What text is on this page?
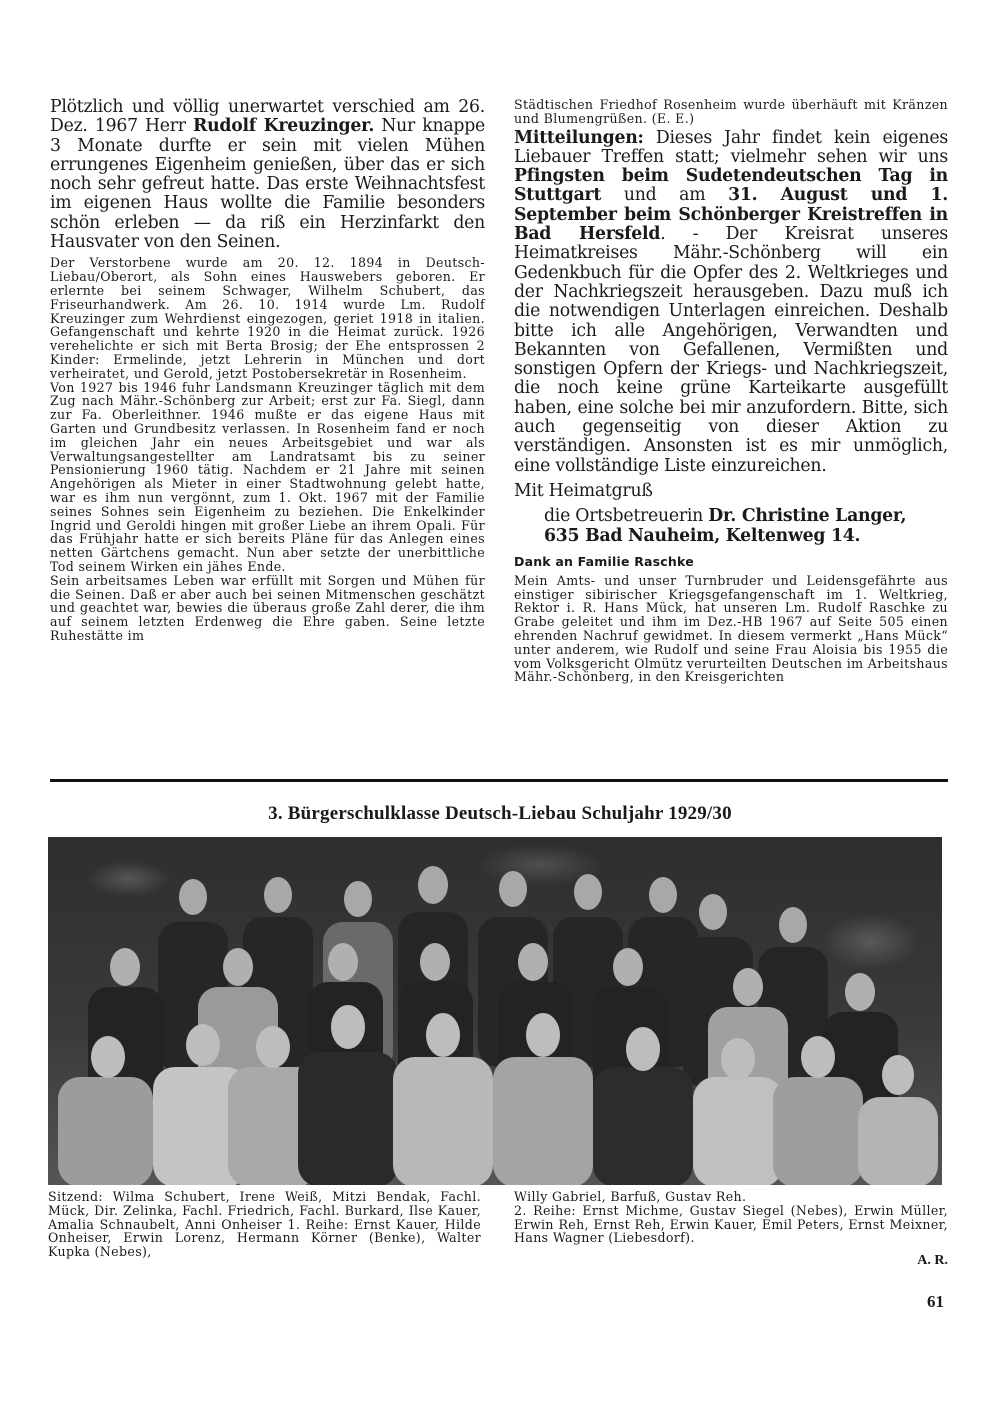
Plötzlich und völlig unerwartet verschied am 26. Dez. 1967 Herr Rudolf Kreuzinger. Nur knappe 3 Monate durfte er sein mit vielen Mühen errungenes Eigenheim genießen, über das er sich noch sehr gefreut hatte. Das erste Weihnachtsfest im eigenen Haus wollte die Familie besonders schön erleben — da riß ein Herzinfarkt den Hausvater von den Seinen.

Der Verstorbene wurde am 20. 12. 1894 in Deutsch-Liebau/Oberort, als Sohn eines Hauswebers geboren. Er erlernte bei seinem Schwager, Wilhelm Schubert, das Friseurhandwerk. Am 26. 10. 1914 wurde Lm. Rudolf Kreuzinger zum Wehrdienst eingezogen, geriet 1918 in italien. Gefangenschaft und kehrte 1920 in die Heimat zurück. 1926 verehelichte er sich mit Berta Brosig; der Ehe entsprossen 2 Kinder: Ermelinde, jetzt Lehrerin in München und dort verheiratet, und Gerold, jetzt Postobersekretär in Rosenheim.

Von 1927 bis 1946 fuhr Landsmann Kreuzinger täglich mit dem Zug nach Mähr.-Schönberg zur Arbeit; erst zur Fa. Siegl, dann zur Fa. Oberleithner. 1946 mußte er das eigene Haus mit Garten und Grundbesitz verlassen. In Rosenheim fand er noch im gleichen Jahr ein neues Arbeitsgebiet und war als Verwaltungsangestellter am Landratsamt bis zu seiner Pensionierung 1960 tätig. Nachdem er 21 Jahre mit seinen Angehörigen als Mieter in einer Stadtwohnung gelebt hatte, war es ihm nun vergönnt, zum 1. Okt. 1967 mit der Familie seines Sohnes sein Eigenheim zu beziehen. Die Enkelkinder Ingrid und Geroldi hingen mit großer Liebe an ihrem Opali. Für das Frühjahr hatte er sich bereits Pläne für das Anlegen eines netten Gärtchens gemacht. Nun aber setzte der unerbittliche Tod seinem Wirken ein jähes Ende.

Sein arbeitsames Leben war erfüllt mit Sorgen und Mühen für die Seinen. Daß er aber auch bei seinen Mitmenschen geschätzt und geachtet war, bewies die überaus große Zahl derer, die ihm auf seinem letzten Erdenweg die Ehre gaben. Seine letzte Ruhestätte im

Städtischen Friedhof Rosenheim wurde überhäuft mit Kränzen und Blumengrüßen. (E. E.)

Mitteilungen: Dieses Jahr findet kein eigenes Liebauer Treffen statt; vielmehr sehen wir uns Pfingsten beim Sudetendeutschen Tag in Stuttgart und am 31. August und 1. September beim Schönberger Kreistreffen in Bad Hersfeld. - Der Kreisrat unseres Heimatkreises Mähr.-Schönberg will ein Gedenkbuch für die Opfer des 2. Weltkrieges und der Nachkriegszeit herausgeben. Dazu muß ich die notwendigen Unterlagen einreichen. Deshalb bitte ich alle Angehörigen, Verwandten und Bekannten von Gefallenen, Vermißten und sonstigen Opfern der Kriegs- und Nachkriegszeit, die noch keine grüne Karteikarte ausgefüllt haben, eine solche bei mir anzufordern. Bitte, sich auch gegenseitig von dieser Aktion zu verständigen. Ansonsten ist es mir unmöglich, eine vollständige Liste einzureichen.

Mit Heimatgruß

die Ortsbetreuerin Dr. Christine Langer,
635 Bad Nauheim, Keltenweg 14.

Dank an Familie Raschke

Mein Amts- und unser Turnbruder und Leidensgefährte aus einstiger sibirischer Kriegsgefangenschaft im 1. Weltkrieg, Rektor i. R. Hans Mück, hat unseren Lm. Rudolf Raschke zu Grabe geleitet und ihm im Dez.-HB 1967 auf Seite 505 einen ehrenden Nachruf gewidmet. In diesem vermerkt „Hans Mück“ unter anderem, wie Rudolf und seine Frau Aloisia bis 1955 die vom Volksgericht Olmütz verurteilten Deutschen im Arbeitshaus Mähr.-Schönberg, in den Kreisgerichten

3. Bürgerschulklasse Deutsch-Liebau Schuljahr 1929/30

Sitzend: Wilma Schubert, Irene Weiß, Mitzi Bendak, Fachl. Mück, Dir. Zelinka, Fachl. Friedrich, Fachl. Burkard, Ilse Kauer, Amalia Schnaubelt, Anni Onheiser 1. Reihe: Ernst Kauer, Hilde Onheiser, Erwin Lorenz, Hermann Körner (Benke), Walter Kupka (Nebes),

Willy Gabriel, Barfuß, Gustav Reh.

2. Reihe: Ernst Michme, Gustav Siegel (Nebes), Erwin Müller, Erwin Reh, Ernst Reh, Erwin Kauer, Emil Peters, Ernst Meixner, Hans Wagner (Liebesdorf).

A. R.
61
